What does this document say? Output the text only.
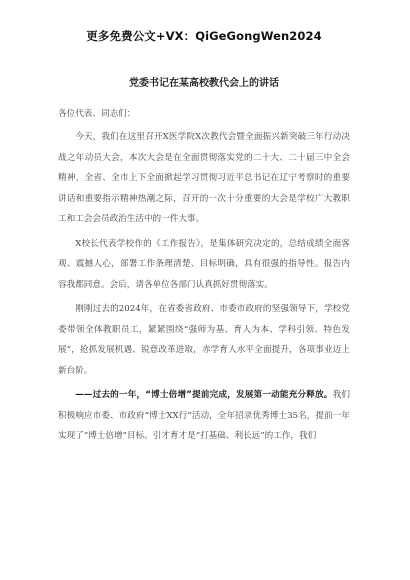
更多免费公文+VX：QiGeGongWen2024

党委书记在某高校教代会上的讲话

各位代表、同志们：

今天，我们在这里召开X医学院X次教代会暨全面振兴新突破三年行动决战之年动员大会，本次大会是在全面贯彻落实党的二十大、二十届三中全会精神，全省、全市上下全面掀起学习贯彻习近平总书记在辽宁考察时的重要讲话和重要指示精神热潮之际，召开的一次十分重要的大会是学校广大教职工和工会会员政治生活中的一件大事。

X校长代表学校作的《工作报告》，是集体研究决定的，总结成绩全面客观、震撼人心，部署工作条理清楚、目标明确，具有很强的指导性。报告内容我都同意。会后，请各单位各部门认真抓好贯彻落实。

刚刚过去的2024年，在省委省政府、市委市政府的坚强领导下，学校党委带领全体教职员工，紧紧围绕“强师为基、育人为本、学科引领、特色发展”，抢抓发展机遇、锐意改革进取，赤学育人水平全面提升，各项事业迈上新台阶。

——过去的一年，“博士倍增”提前完成，发展第一动能充分释放。我们积极响应市委、市政府“博士XX行”活动，全年招录优秀博士35名，提前一年实现了“博士倍增”目标。引才育才是“打基础、利长远”的工作，我们
